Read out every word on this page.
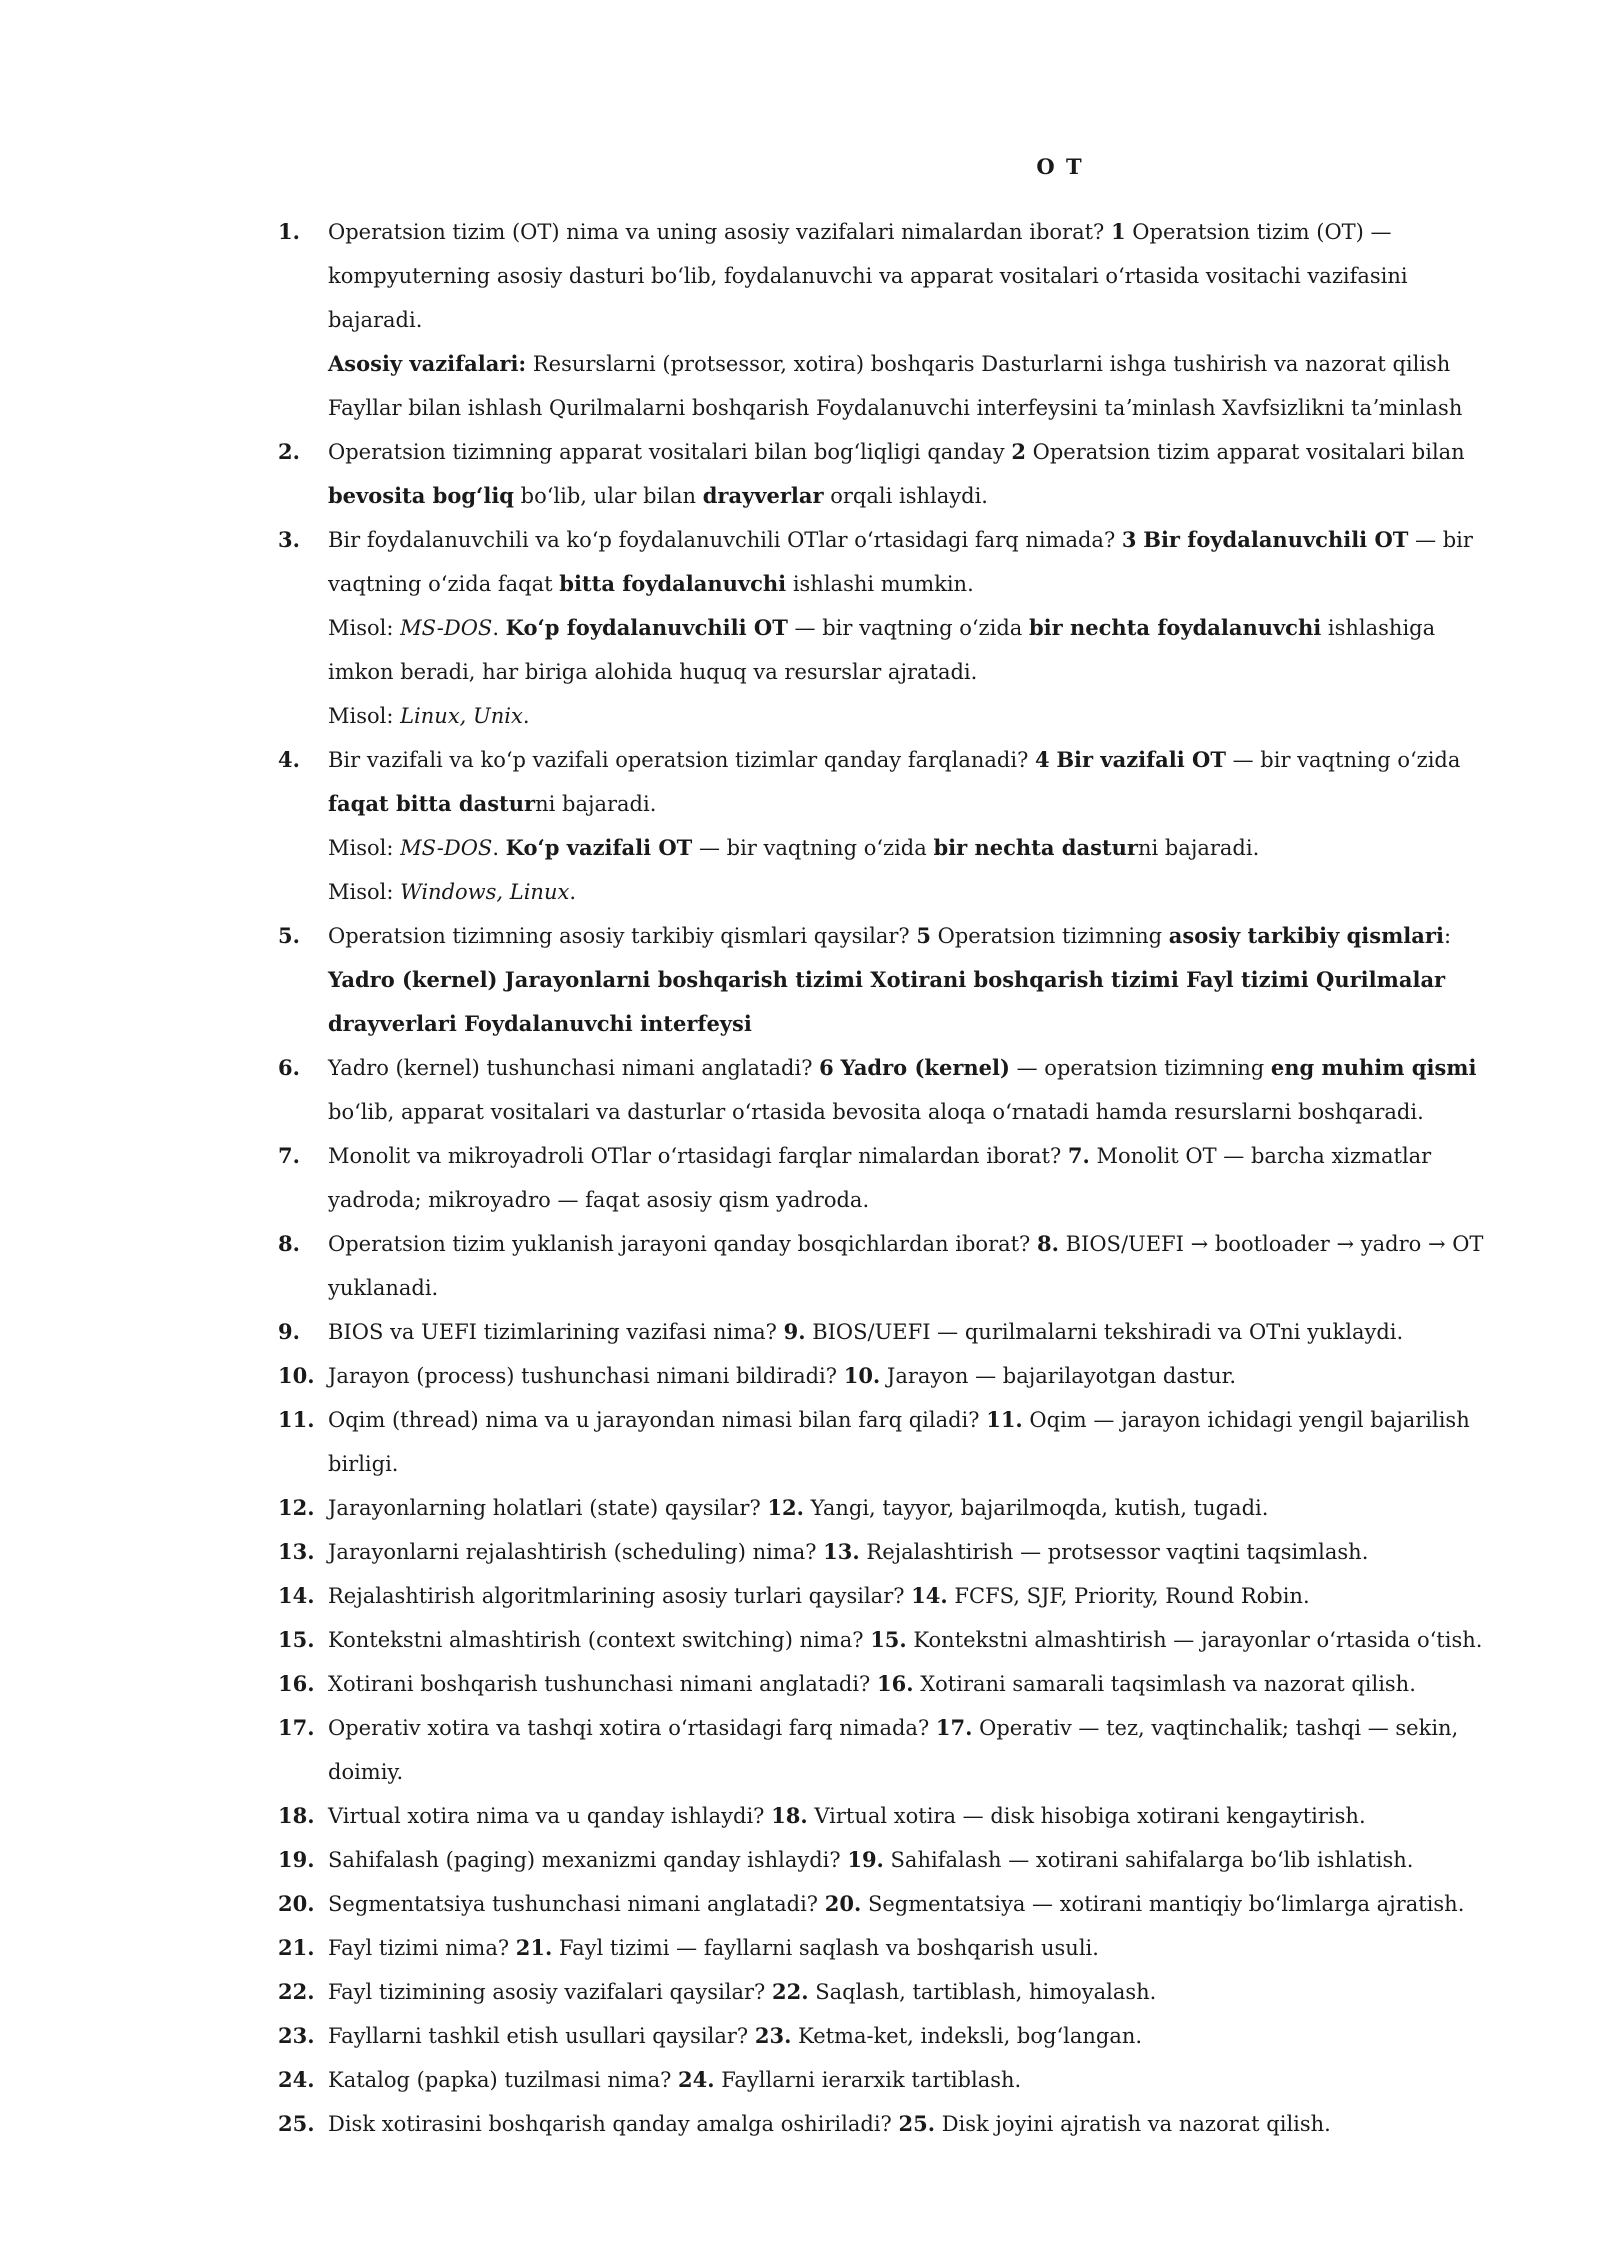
O T
1. Operatsion tizim (OT) nima va uning asosiy vazifalari nimalardan iborat? 1 Operatsion tizim (OT) — kompyuterning asosiy dasturi boʻlib, foydalanuvchi va apparat vositalari oʻrtasida vositachi vazifasini bajaradi.
Asosiy vazifalari: Resurslarni (protsessor, xotira) boshqaris Dasturlarni ishga tushirish va nazorat qilish Fayllar bilan ishlash Qurilmalarni boshqarish Foydalanuvchi interfeysini taʼminlash Xavfsizlikni taʼminlash
2. Operatsion tizimning apparat vositalari bilan bogʻliqligi qanday 2 Operatsion tizim apparat vositalari bilan bevosita bogʻliq boʻlib, ular bilan drayverlar orqali ishlaydi.
3. Bir foydalanuvchili va koʻp foydalanuvchili OTlar oʻrtasidagi farq nimada? 3 Bir foydalanuvchili OT — bir vaqtning oʻzida faqat bitta foydalanuvchi ishlashi mumkin.
Misol: MS-DOS. Koʻp foydalanuvchili OT — bir vaqtning oʻzida bir nechta foydalanuvchi ishlashiga imkon beradi, har biriga alohida huquq va resurslar ajratadi.
Misol: Linux, Unix.
4. Bir vazifali va koʻp vazifali operatsion tizimlar qanday farqlanadi? 4 Bir vazifali OT — bir vaqtning oʻzida faqat bitta dasturni bajaradi.
Misol: MS-DOS. Koʻp vazifali OT — bir vaqtning oʻzida bir nechta dasturni bajaradi.
Misol: Windows, Linux.
5. Operatsion tizimning asosiy tarkibiy qismlari qaysilar? 5 Operatsion tizimning asosiy tarkibiy qismlari: Yadro (kernel) Jarayonlarni boshqarish tizimi Xotirani boshqarish tizimi Fayl tizimi Qurilmalar drayverlari Foydalanuvchi interfeysi
6. Yadro (kernel) tushunchasi nimani anglatadi? 6 Yadro (kernel) — operatsion tizimning eng muhim qismi boʻlib, apparat vositalari va dasturlar oʻrtasida bevosita aloqa oʻrnatadi hamda resurslarni boshqaradi.
7. Monolit va mikroyadroli OTlar oʻrtasidagi farqlar nimalardan iborat? 7. Monolit OT — barcha xizmatlar yadroda; mikroyadro — faqat asosiy qism yadroda.
8. Operatsion tizim yuklanish jarayoni qanday bosqichlardan iborat? 8. BIOS/UEFI → bootloader → yadro → OT yuklanadi.
9. BIOS va UEFI tizimlarining vazifasi nima? 9. BIOS/UEFI — qurilmalarni tekshiradi va OTni yuklaydi.
10. Jarayon (process) tushunchasi nimani bildiradi? 10. Jarayon — bajarilayotgan dastur.
11. Oqim (thread) nima va u jarayondan nimasi bilan farq qiladi? 11. Oqim — jarayon ichidagi yengil bajarilish birligi.
12. Jarayonlarning holatlari (state) qaysilar? 12. Yangi, tayyor, bajarilmoqda, kutish, tugadi.
13. Jarayonlarni rejalashtirish (scheduling) nima? 13. Rejalashtirish — protsessor vaqtini taqsimlash.
14. Rejalashtirish algoritmlarining asosiy turlari qaysilar? 14. FCFS, SJF, Priority, Round Robin.
15. Kontekstni almashtirish (context switching) nima? 15. Kontekstni almashtirish — jarayonlar oʻrtasida oʻtish.
16. Xotirani boshqarish tushunchasi nimani anglatadi? 16. Xotirani samarali taqsimlash va nazorat qilish.
17. Operativ xotira va tashqi xotira oʻrtasidagi farq nimada? 17. Operativ — tez, vaqtinchalik; tashqi — sekin, doimiy.
18. Virtual xotira nima va u qanday ishlaydi? 18. Virtual xotira — disk hisobiga xotirani kengaytirish.
19. Sahifalash (paging) mexanizmi qanday ishlaydi? 19. Sahifalash — xotirani sahifalarga boʻlib ishlatish.
20. Segmentatsiya tushunchasi nimani anglatadi? 20. Segmentatsiya — xotirani mantiqiy boʻlimlarga ajratish.
21. Fayl tizimi nima? 21. Fayl tizimi — fayllarni saqlash va boshqarish usuli.
22. Fayl tizimining asosiy vazifalari qaysilar? 22. Saqlash, tartiblash, himoyalash.
23. Fayllarni tashkil etish usullari qaysilar? 23. Ketma-ket, indeksli, bogʻlangan.
24. Katalog (papka) tuzilmasi nima? 24. Fayllarni ierarxik tartiblash.
25. Disk xotirasini boshqarish qanday amalga oshiriladi? 25. Disk joyini ajratish va nazorat qilish.
